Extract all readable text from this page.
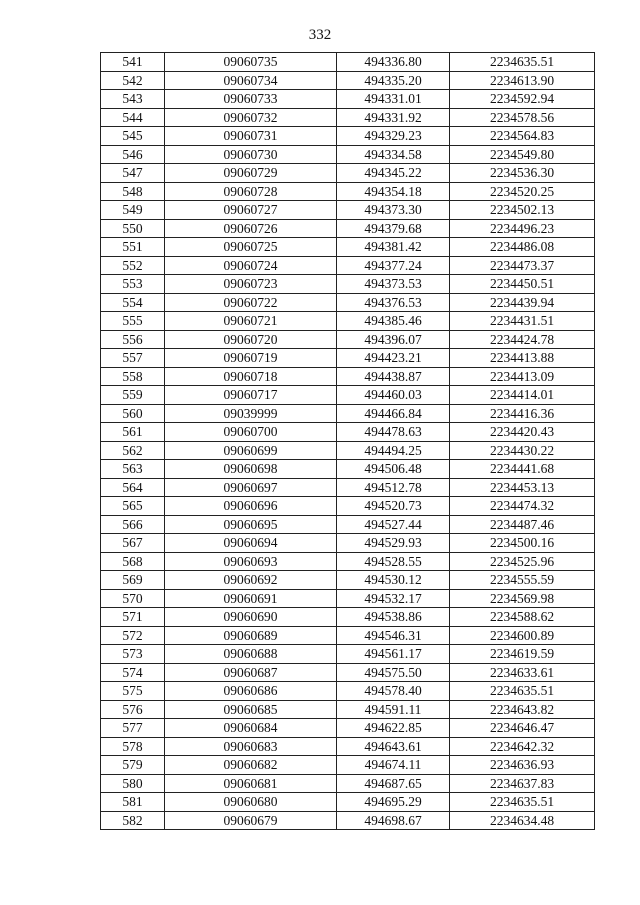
332
541	09060735	494336.80	2234635.51
542	09060734	494335.20	2234613.90
543	09060733	494331.01	2234592.94
544	09060732	494331.92	2234578.56
545	09060731	494329.23	2234564.83
546	09060730	494334.58	2234549.80
547	09060729	494345.22	2234536.30
548	09060728	494354.18	2234520.25
549	09060727	494373.30	2234502.13
550	09060726	494379.68	2234496.23
551	09060725	494381.42	2234486.08
552	09060724	494377.24	2234473.37
553	09060723	494373.53	2234450.51
554	09060722	494376.53	2234439.94
555	09060721	494385.46	2234431.51
556	09060720	494396.07	2234424.78
557	09060719	494423.21	2234413.88
558	09060718	494438.87	2234413.09
559	09060717	494460.03	2234414.01
560	09039999	494466.84	2234416.36
561	09060700	494478.63	2234420.43
562	09060699	494494.25	2234430.22
563	09060698	494506.48	2234441.68
564	09060697	494512.78	2234453.13
565	09060696	494520.73	2234474.32
566	09060695	494527.44	2234487.46
567	09060694	494529.93	2234500.16
568	09060693	494528.55	2234525.96
569	09060692	494530.12	2234555.59
570	09060691	494532.17	2234569.98
571	09060690	494538.86	2234588.62
572	09060689	494546.31	2234600.89
573	09060688	494561.17	2234619.59
574	09060687	494575.50	2234633.61
575	09060686	494578.40	2234635.51
576	09060685	494591.11	2234643.82
577	09060684	494622.85	2234646.47
578	09060683	494643.61	2234642.32
579	09060682	494674.11	2234636.93
580	09060681	494687.65	2234637.83
581	09060680	494695.29	2234635.51
582	09060679	494698.67	2234634.48
